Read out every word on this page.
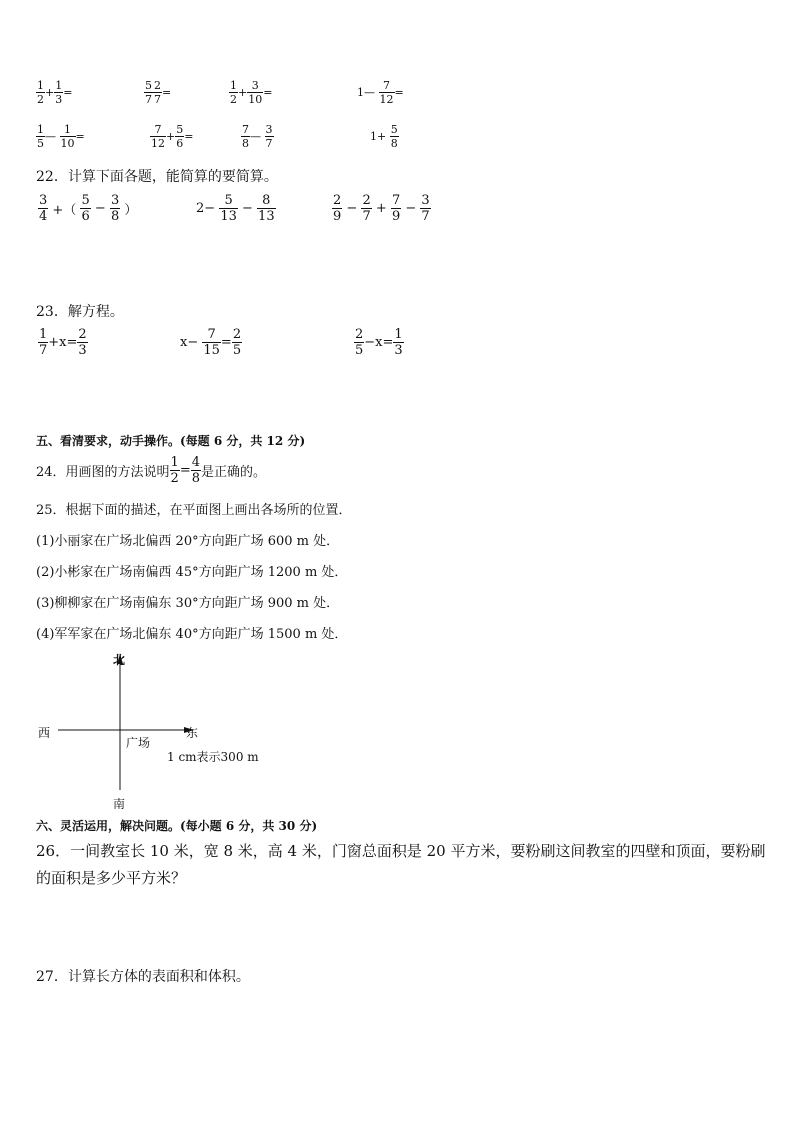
$\frac{1}{2} + \frac{1}{3}$ =	$\frac{5}{7} \frac{2}{7}$ =	$\frac{1}{2} + \frac{3}{10}$ =	1— $\frac{7}{12}$ =
$\frac{1}{5}$ — $\frac{1}{10}$ =	$\frac{7}{12} + \frac{5}{6}$ =	$\frac{7}{8}$ — $\frac{3}{7}$	$1+ \frac{5}{8}$
22．计算下面各题，能简算的要简算。
$\frac{3}{4}$ +（ $\frac{5}{6} - \frac{3}{8}$ ）	$2- \frac{5}{13} - \frac{8}{13}$	$\frac{2}{9} - \frac{2}{7} + \frac{7}{9} - \frac{3}{7}$
23．解方程。
$\frac{1}{7} +x= \frac{2}{3}$	$x- \frac{7}{15} = \frac{2}{5}$	$\frac{2}{5} -x= \frac{1}{3}$
五、看清要求，动手操作。(每题 6 分，共 12 分)
24．用画图的方法说明 $\frac{1}{2} = \frac{4}{8}$ 是正确的。
25．根据下面的描述，在平面图上画出各场所的位置．
(1)小丽家在广场北偏西 20°方向距广场 600 m 处．
(2)小彬家在广场南偏西 45°方向距广场 1200 m 处．
(3)柳柳家在广场南偏东 30°方向距广场 900 m 处．
(4)军军家在广场北偏东 40°方向距广场 1500 m 处．
北
南
西	东
广场
1 cm表示300 m
六、灵活运用，解决问题。(每小题 6 分，共 30 分)
26．一间教室长 10 米，宽 8 米，高 4 米，门窗总面积是 20 平方米，要粉刷这间教室的四壁和顶面，要粉刷的面积是多少平方米？
27．计算长方体的表面积和体积。
